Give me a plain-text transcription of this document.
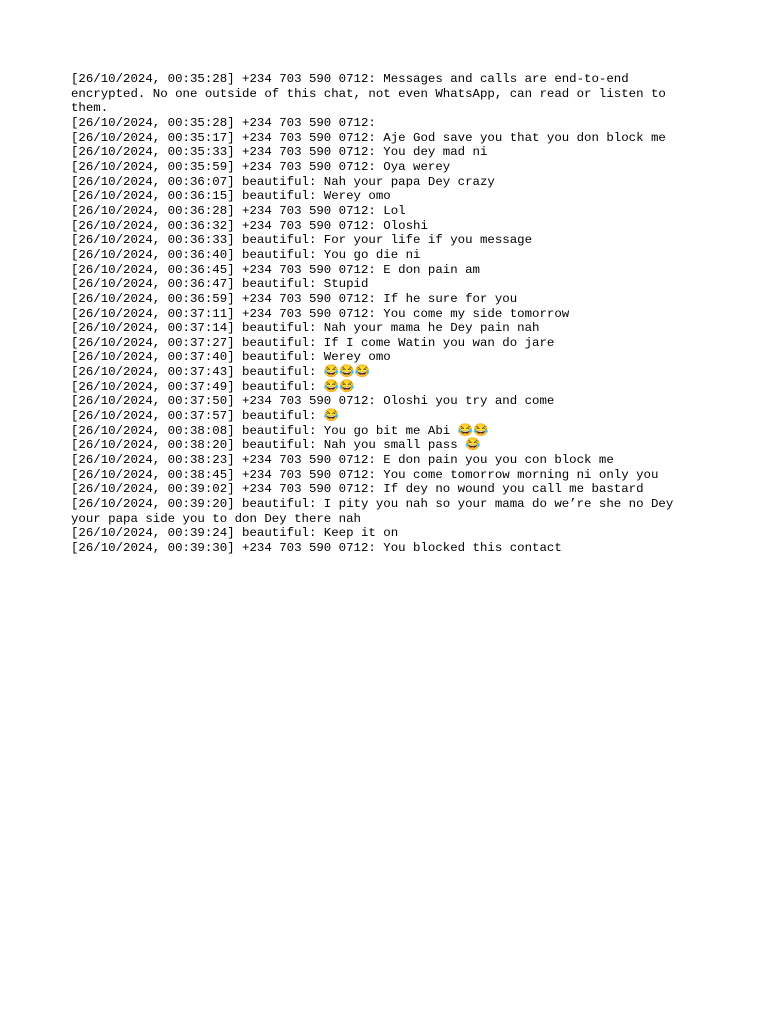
[26/10/2024, 00:35:28] +234 703 590 0712: Messages and calls are end-to-end encrypted. No one outside of this chat, not even WhatsApp, can read or listen to them.

[26/10/2024, 00:35:28] +234 703 590 0712:

[26/10/2024, 00:35:17] +234 703 590 0712: Aje God save you that you don block me

[26/10/2024, 00:35:33] +234 703 590 0712: You dey mad ni

[26/10/2024, 00:35:59] +234 703 590 0712: Oya werey

[26/10/2024, 00:36:07] beautiful: Nah your papa Dey crazy

[26/10/2024, 00:36:15] beautiful: Werey omo

[26/10/2024, 00:36:28] +234 703 590 0712: Lol

[26/10/2024, 00:36:32] +234 703 590 0712: Oloshi

[26/10/2024, 00:36:33] beautiful: For your life if you message

[26/10/2024, 00:36:40] beautiful: You go die ni

[26/10/2024, 00:36:45] +234 703 590 0712: E don pain am

[26/10/2024, 00:36:47] beautiful: Stupid

[26/10/2024, 00:36:59] +234 703 590 0712: If he sure for you

[26/10/2024, 00:37:11] +234 703 590 0712: You come my side tomorrow

[26/10/2024, 00:37:14] beautiful: Nah your mama he Dey pain nah

[26/10/2024, 00:37:27] beautiful: If I come Watin you wan do jare

[26/10/2024, 00:37:40] beautiful: Werey omo

[26/10/2024, 00:37:43] beautiful: 😂😂😂

[26/10/2024, 00:37:49] beautiful: 😂😂

[26/10/2024, 00:37:50] +234 703 590 0712: Oloshi you try and come

[26/10/2024, 00:37:57] beautiful: 😂

[26/10/2024, 00:38:08] beautiful: You go bit me Abi 😂😂

[26/10/2024, 00:38:20] beautiful: Nah you small pass 😂

[26/10/2024, 00:38:23] +234 703 590 0712: E don pain you you con block me

[26/10/2024, 00:38:45] +234 703 590 0712: You come tomorrow morning ni only you

[26/10/2024, 00:39:02] +234 703 590 0712: If dey no wound you call me bastard

[26/10/2024, 00:39:20] beautiful: I pity you nah so your mama do we’re she no Dey your papa side you to don Dey there nah

[26/10/2024, 00:39:24] beautiful: Keep it on

[26/10/2024, 00:39:30] +234 703 590 0712: You blocked this contact
